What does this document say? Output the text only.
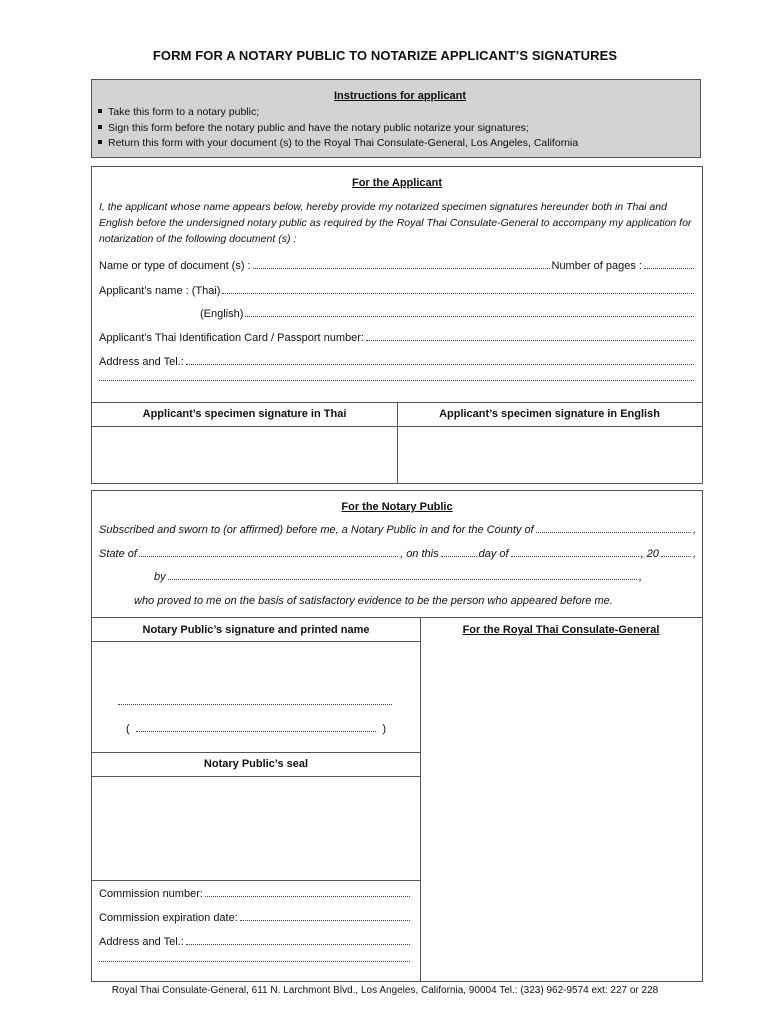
FORM FOR A NOTARY PUBLIC TO NOTARIZE APPLICANT’S SIGNATURES
Instructions for applicant
Take this form to a notary public;
Sign this form before the notary public and have the notary public notarize your signatures;
Return this form with your document (s) to the Royal Thai Consulate-General, Los Angeles, California
For the Applicant
I, the applicant whose name appears below, hereby provide my notarized specimen signatures hereunder both in Thai and English before the undersigned notary public as required by the Royal Thai Consulate-General to accompany my application for notarization of the following document (s) :
Name or type of document (s) :	Number of pages :
Applicant’s name : (Thai)
(English)
Applicant’s Thai Identification Card / Passport number:
Address and Tel.:
Applicant’s specimen signature in Thai	Applicant’s specimen signature in English
For the Notary Public
Subscribed and sworn to (or affirmed) before me, a Notary Public in and for the County of	,
State of	, on this	day of	, 20	,
by	,
who proved to me on the basis of satisfactory evidence to be the person who appeared before me.
Notary Public’s signature and printed name	For the Royal Thai Consulate-General
(	)
Notary Public’s seal
Commission number:
Commission expiration date:
Address and Tel.:
Royal Thai Consulate-General, 611 N. Larchmont Blvd., Los Angeles, California, 90004 Tel.: (323) 962-9574 ext: 227 or 228
